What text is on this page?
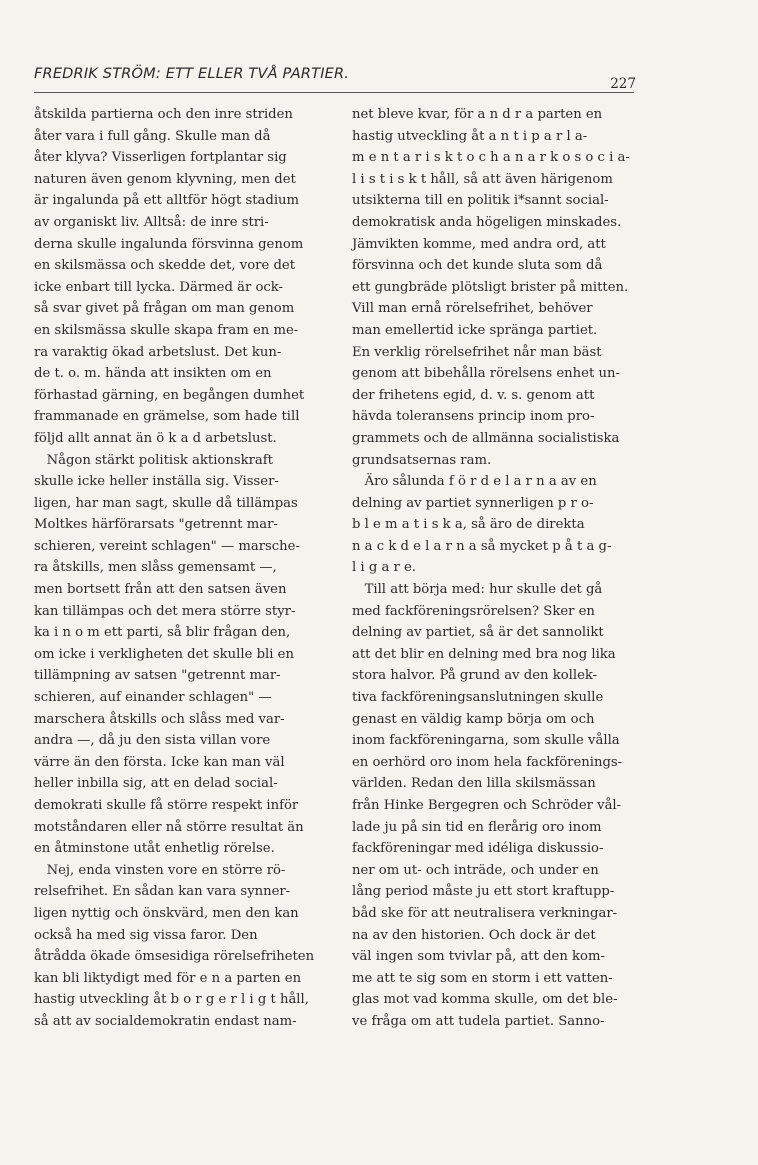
FREDRIK STRÖM: ETT ELLER TVÅ PARTIER.
227
åtskilda partierna och den inre striden
åter vara i full gång. Skulle man då
åter klyva? Visserligen fortplantar sig
naturen även genom klyvning, men det
är ingalunda på ett alltför högt stadium
av organiskt liv. Alltså: de inre stri-
derna skulle ingalunda försvinna genom
en skilsmässa och skedde det, vore det
icke enbart till lycka. Därmed är ock-
så svar givet på frågan om man genom
en skilsmässa skulle skapa fram en me-
ra varaktig ökad arbetslust. Det kun-
de t. o. m. hända att insikten om en
förhastad gärning, en begången dumhet
frammanade en grämelse, som hade till
följd allt annat än ö k a d arbetslust.
Någon stärkt politisk aktionskraft
skulle icke heller inställa sig. Visser-
ligen, har man sagt, skulle då tillämpas
Moltkes härförarsats "getrennt mar-
schieren, vereint schlagen" — marsche-
ra åtskills, men slåss gemensamt —,
men bortsett från att den satsen även
kan tillämpas och det mera större styr-
ka i n o m ett parti, så blir frågan den,
om icke i verkligheten det skulle bli en
tillämpning av satsen "getrennt mar-
schieren, auf einander schlagen" —
marschera åtskills och slåss med var-
andra —, då ju den sista villan vore
värre än den första. Icke kan man väl
heller inbilla sig, att en delad social-
demokrati skulle få större respekt inför
motståndaren eller nå större resultat än
en åtminstone utåt enhetlig rörelse.
Nej, enda vinsten vore en större rö-
relsefrihet. En sådan kan vara synner-
ligen nyttig och önskvärd, men den kan
också ha med sig vissa faror. Den
åtrådda ökade ömsesidiga rörelsefriheten
kan bli liktydigt med för e n a parten en
hastig utveckling åt b o r g e r l i g t håll,
så att av socialdemokratin endast nam-
net bleve kvar, för a n d r a parten en
hastig utveckling åt a n t i p a r l a-
m e n t a r i s k t o c h a n a r k o s o c i a-
l i s t i s k t håll, så att även härigenom
utsikterna till en politik i*sannt social-
demokratisk anda högeligen minskades.
Jämvikten komme, med andra ord, att
försvinna och det kunde sluta som då
ett gungbräde plötsligt brister på mitten.
Vill man ernå rörelsefrihet, behöver
man emellertid icke spränga partiet.
En verklig rörelsefrihet når man bäst
genom att bibehålla rörelsens enhet un-
der frihetens egid, d. v. s. genom att
hävda toleransens princip inom pro-
grammets och de allmänna socialistiska
grundsatsernas ram.
Äro sålunda f ö r d e l a r n a av en
delning av partiet synnerligen p r o-
b l e m a t i s k a, så äro de direkta
n a c k d e l a r n a så mycket p å t a g-
l i g a r e.
Till att börja med: hur skulle det gå
med fackföreningsrörelsen? Sker en
delning av partiet, så är det sannolikt
att det blir en delning med bra nog lika
stora halvor. På grund av den kollek-
tiva fackföreningsanslutningen skulle
genast en väldig kamp börja om och
inom fackföreningarna, som skulle vålla
en oerhörd oro inom hela fackförenings-
världen. Redan den lilla skilsmässan
från Hinke Bergegren och Schröder vål-
lade ju på sin tid en flerårig oro inom
fackföreningar med idéliga diskussio-
ner om ut- och inträde, och under en
lång period måste ju ett stort kraftupp-
båd ske för att neutralisera verkningar-
na av den historien. Och dock är det
väl ingen som tvivlar på, att den kom-
me att te sig som en storm i ett vatten-
glas mot vad komma skulle, om det ble-
ve fråga om att tudela partiet. Sanno-
